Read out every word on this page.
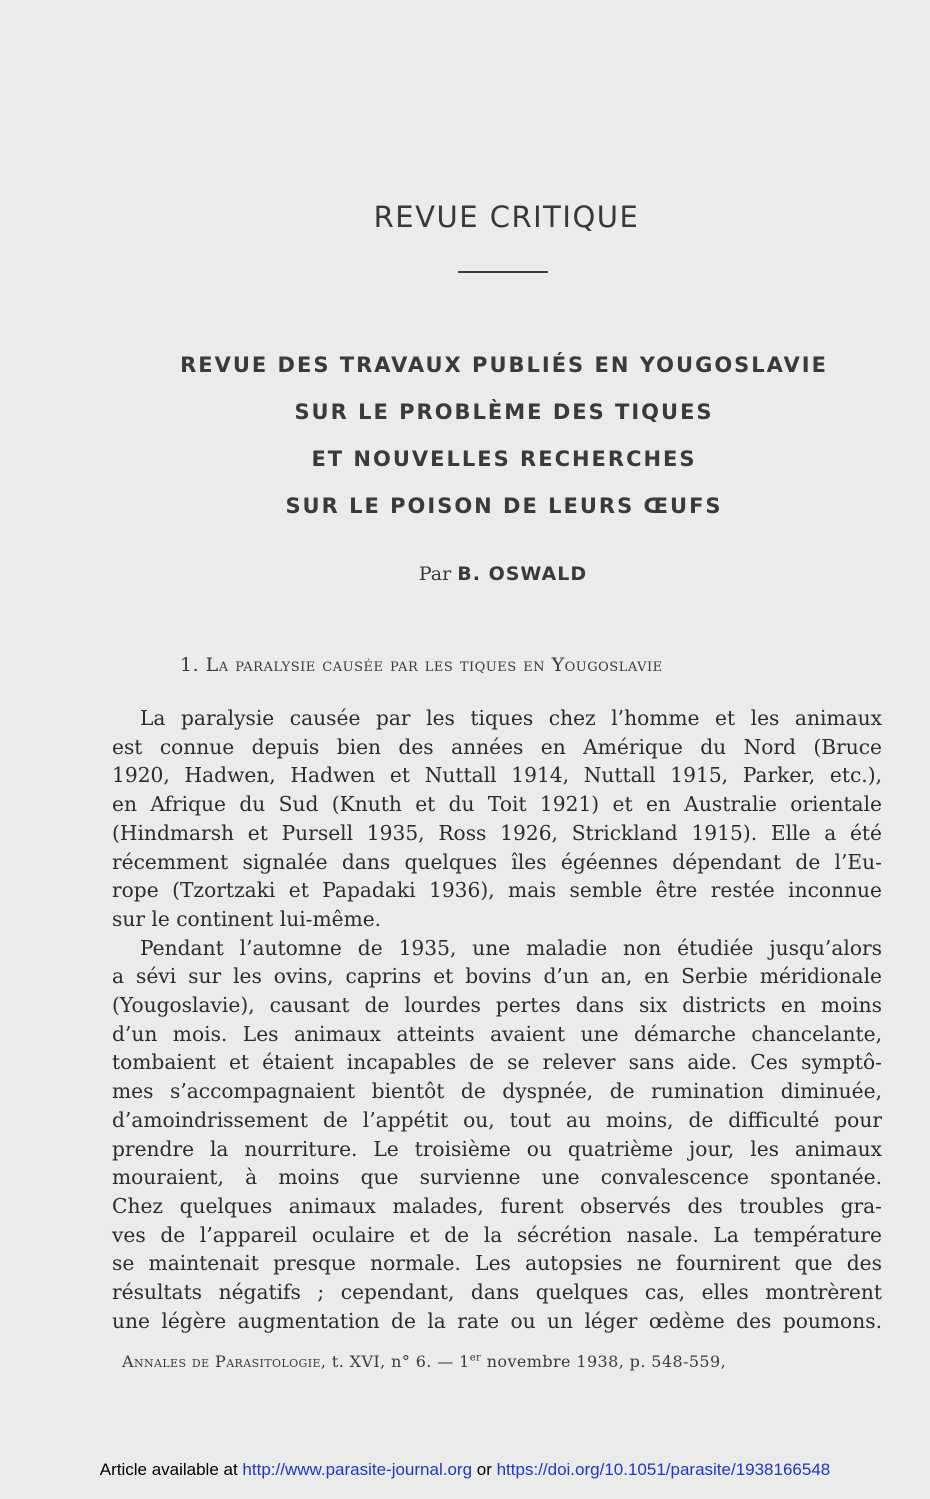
REVUE CRITIQUE
REVUE DES TRAVAUX PUBLIÉS EN YOUGOSLAVIE
SUR LE PROBLÈME DES TIQUES
ET NOUVELLES RECHERCHES
SUR LE POISON DE LEURS ŒUFS
Par B. OSWALD
1. La paralysie causée par les tiques en Yougoslavie

La paralysie causée par les tiques chez l’homme et les animaux
est connue depuis bien des années en Amérique du Nord (Bruce
1920, Hadwen, Hadwen et Nuttall 1914, Nuttall 1915, Parker, etc.),
en Afrique du Sud (Knuth et du Toit 1921) et en Australie orientale
(Hindmarsh et Pursell 1935, Ross 1926, Strickland 1915). Elle a été
récemment signalée dans quelques îles égéennes dépendant de l’Eu-
rope (Tzortzaki et Papadaki 1936), mais semble être restée inconnue
sur le continent lui-même.

Pendant l’automne de 1935, une maladie non étudiée jusqu’alors
a sévi sur les ovins, caprins et bovins d’un an, en Serbie méridionale
(Yougoslavie), causant de lourdes pertes dans six districts en moins
d’un mois. Les animaux atteints avaient une démarche chancelante,
tombaient et étaient incapables de se relever sans aide. Ces symptô-
mes s’accompagnaient bientôt de dyspnée, de rumination diminuée,
d’amoindrissement de l’appétit ou, tout au moins, de difficulté pour
prendre la nourriture. Le troisième ou quatrième jour, les animaux
mouraient, à moins que survienne une convalescence spontanée.
Chez quelques animaux malades, furent observés des troubles gra-
ves de l’appareil oculaire et de la sécrétion nasale. La température
se maintenait presque normale. Les autopsies ne fournirent que des
résultats négatifs ; cependant, dans quelques cas, elles montrèrent
une légère augmentation de la rate ou un léger œdème des poumons.

Annales de Parasitologie, t. XVI, n° 6. — 1er novembre 1938, p. 548-559,
Article available at http://www.parasite-journal.org or https://doi.org/10.1051/parasite/1938166548
